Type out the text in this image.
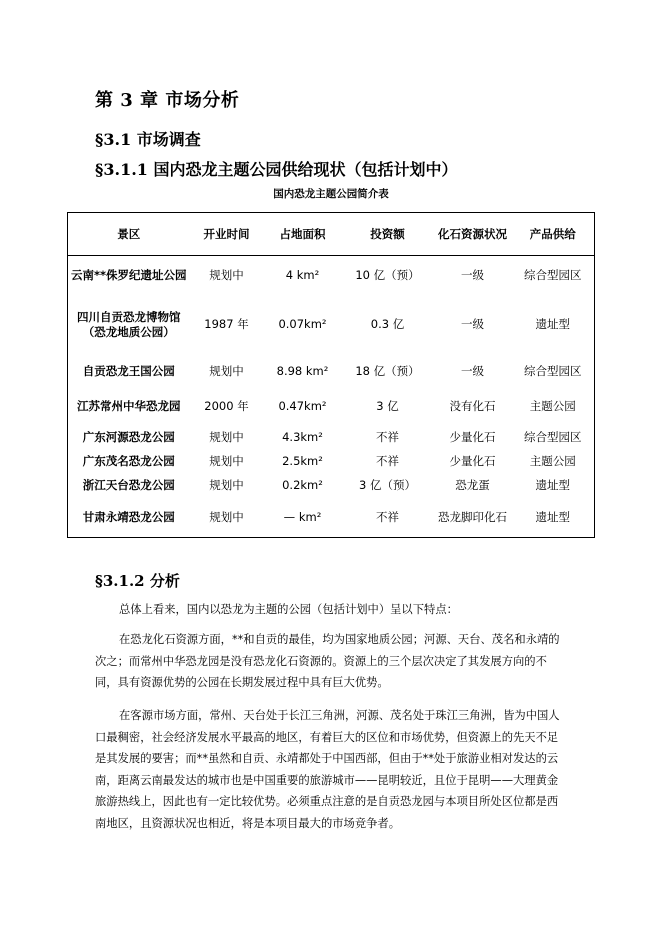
第 3 章 市场分析
§3.1 市场调查
§3.1.1 国内恐龙主题公园供给现状（包括计划中）
国内恐龙主题公园简介表
景区	开业时间	占地面积	投资额	化石资源状况	产品供给
云南**侏罗纪遗址公园	规划中	4 km²	10 亿（预）	一级	综合型园区
四川自贡恐龙博物馆（恐龙地质公园）	1987 年	0.07km²	0.3 亿	一级	遗址型
自贡恐龙王国公园	规划中	8.98 km²	18 亿（预）	一级	综合型园区
江苏常州中华恐龙园	2000 年	0.47km²	3 亿	没有化石	主题公园
广东河源恐龙公园	规划中	4.3km²	不祥	少量化石	综合型园区
广东茂名恐龙公园	规划中	2.5km²	不祥	少量化石	主题公园
浙江天台恐龙公园	规划中	0.2km²	3 亿（预）	恐龙蛋	遗址型
甘肃永靖恐龙公园	规划中	— km²	不祥	恐龙脚印化石	遗址型
§3.1.2 分析

总体上看来，国内以恐龙为主题的公园（包括计划中）呈以下特点：

在恐龙化石资源方面，**和自贡的最佳，均为国家地质公园；河源、天台、茂名和永靖的次之；而常州中华恐龙园是没有恐龙化石资源的。资源上的三个层次决定了其发展方向的不同，具有资源优势的公园在长期发展过程中具有巨大优势。

在客源市场方面，常州、天台处于长江三角洲，河源、茂名处于珠江三角洲，皆为中国人口最稠密，社会经济发展水平最高的地区，有着巨大的区位和市场优势，但资源上的先天不足是其发展的要害；而**虽然和自贡、永靖都处于中国西部，但由于**处于旅游业相对发达的云南，距离云南最发达的城市也是中国重要的旅游城市——昆明较近，且位于昆明——大理黄金旅游热线上，因此也有一定比较优势。必须重点注意的是自贡恐龙园与本项目所处区位都是西南地区，且资源状况也相近，将是本项目最大的市场竞争者。
